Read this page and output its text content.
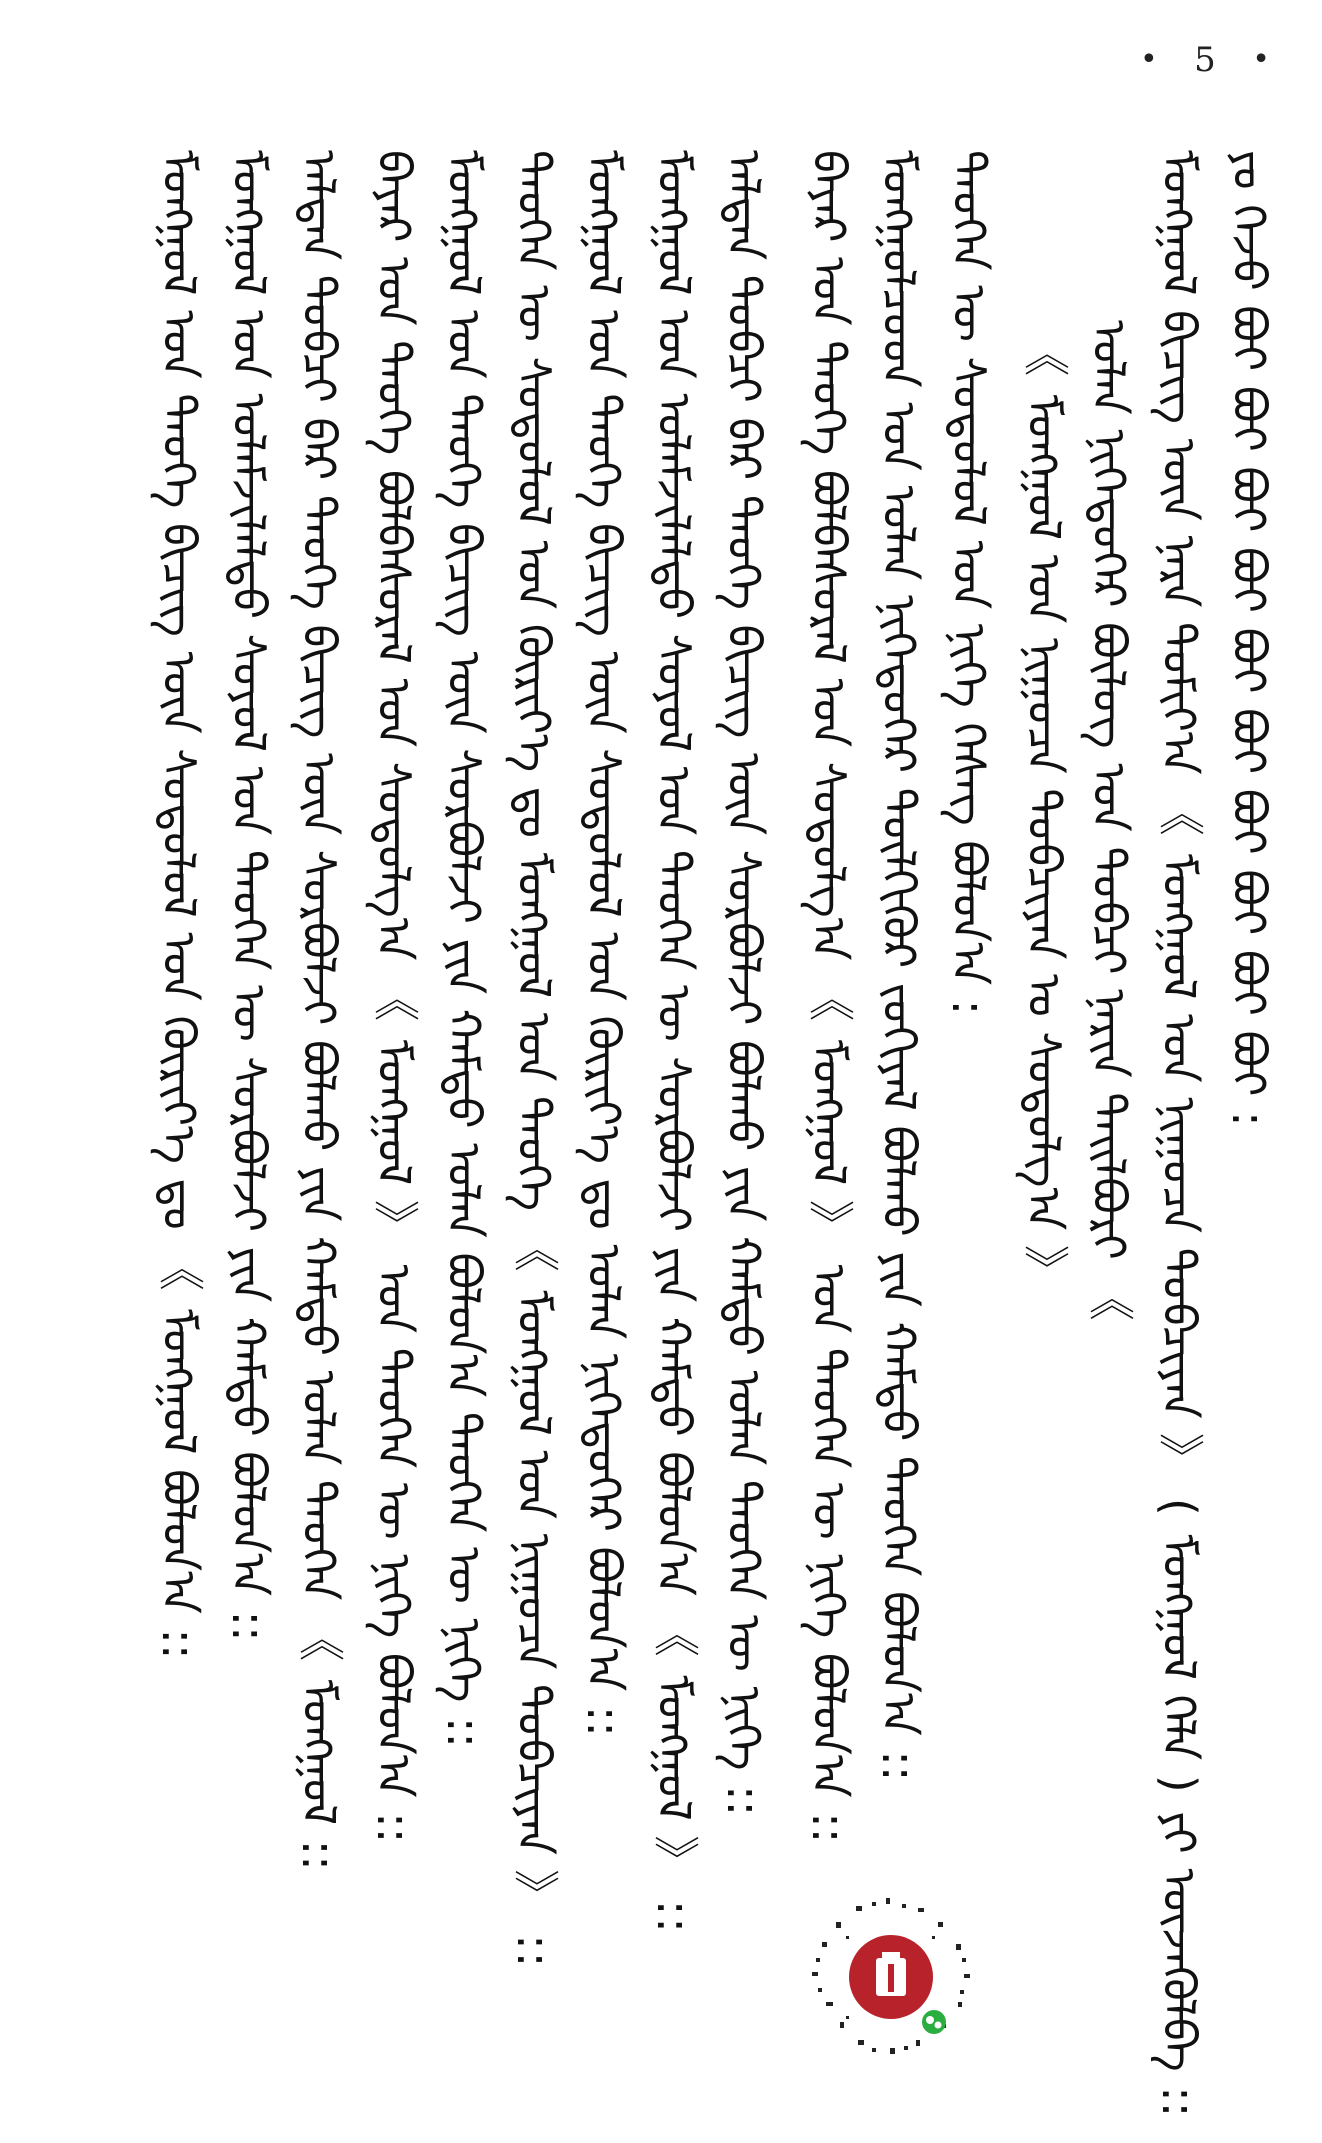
• 5 •
ᠶᠤ ᠭᠡᠵᠦ ᠪᠤᠢ ᠪᠤᠢ ᠪᠤᠢ ᠪᠤᠢ ᠪᠤᠢ ᠪᠤᠢ ᠪᠤᠢ ᠪᠤᠢ ᠪᠤᠢ ᠪᠤᠢ :
ᠮᠣᠩᠭᠣᠯ ᠪᠢᠴᠢᠭ᠌ ᠦᠨ ᠨᠡᠷᠡ ᠲᠣᠮᠢᠶ᠎ᠠ 《 ᠮᠣᠩᠭᠣᠯ ᠤᠨ ᠨᠢᠭᠤᠴᠠ ᠲᠣᠪᠴᠢᠶᠠᠨ 》 ( ᠮᠣᠩᠭᠣᠯ ᠬᠡᠯᠡ ) ᠶᠢ ᠦᠵᠡᠭᠦᠯᠪᠡ ::
ᠣᠯᠠᠨ ᠨᠢᠭᠡᠳᠦᠭᠡᠷ ᠪᠦᠯᠦᠭ ᠤᠨ ᠲᠣᠪᠴᠢ ᠨᠠᠷᠢᠨ ᠲᠠᠢᠯᠪᠤᠷᠢ 《
《 ᠮᠣᠩᠭᠣᠯ ᠤᠨ ᠨᠢᠭᠤᠴᠠ ᠲᠣᠪᠴᠢᠶᠠᠨ ᠤ ᠰᠤᠳᠤᠯᠭ᠎ᠠ 》
ᠲᠡᠦᠬᠡᠨ ᠦ ᠰᠤᠳᠤᠯᠤᠯ ᠤᠨ ᠨᠢᠭᠡ ᠬᠡᠰᠡᠭ ᠪᠣᠯᠤᠨ᠎ᠠ :
ᠮᠣᠩᠭᠣᠯᠴᠤᠳ ᠤᠨ ᠣᠯᠠᠨ ᠨᠢᠭᠡᠳᠦᠭᠡᠷ ᠲᠦᠯᠬᠢᠭᠦᠷ ᠵᠣᠬᠢᠶᠠᠯ ᠪᠣᠯᠬᠤ ᠶᠢᠨ ᠬᠠᠮᠲᠤ ᠲᠡᠦᠬᠡᠨ ᠪᠣᠯᠤᠨ᠎ᠠ ::
ᠪᠠᠶᠠᠷ ᠤᠨ ᠲᠡᠦᠬᠡ ᠪᠣᠯᠪᠠᠰᠤᠷᠠᠯ ᠤᠨ ᠰᠤᠳᠤᠯᠭ᠎ᠠ 《 ᠮᠣᠩᠭᠣᠯ 》 ᠤᠨ ᠲᠡᠦᠬᠡᠨ ᠦ ᠨᠢᠭᠡ ᠪᠣᠯᠤᠨ᠎ᠠ ::
ᠠᠯᠲᠠᠨ ᠲᠣᠪᠴᠢ ᠪᠠᠷ ᠲᠡᠦᠬᠡ ᠪᠢᠴᠢᠭ᠌ ᠦᠨ ᠰᠤᠷᠪᠤᠯᠵᠢ ᠪᠣᠯᠬᠤ ᠶᠢᠨ ᠬᠠᠮᠲᠤ ᠣᠯᠠᠨ ᠲᠡᠦᠬᠡᠨ ᠦ ᠨᠢᠭᠡ ::
ᠮᠣᠩᠭᠣᠯ ᠤᠨ ᠤᠯᠠᠮᠵᠢᠯᠠᠯᠲᠤ ᠰᠤᠶᠣᠯ ᠤᠨ ᠲᠡᠦᠬᠡᠨ ᠦ ᠰᠤᠷᠪᠤᠯᠵᠢ ᠶᠢᠨ ᠬᠠᠮᠲᠤ ᠪᠣᠯᠤᠨ᠎ᠠ 《 ᠮᠣᠩᠭᠣᠯ 》 ::
ᠮᠣᠩᠭᠣᠯ ᠤᠨ ᠲᠡᠦᠬᠡ ᠪᠢᠴᠢᠭ᠌ ᠦᠨ ᠰᠤᠳᠤᠯᠤᠯ ᠤᠨ ᠬᠦᠷᠢᠶ᠎ᠡ ᠳᠤ ᠣᠯᠠᠨ ᠨᠢᠭᠡᠳᠦᠭᠡᠷ ᠪᠣᠯᠤᠨ᠎ᠠ ::
ᠲᠡᠦᠬᠡᠨ ᠦ ᠰᠤᠳᠤᠯᠤᠯ ᠤᠨ ᠬᠦᠷᠢᠶ᠎ᠡ ᠳᠤ ᠮᠣᠩᠭᠣᠯ ᠤᠨ ᠲᠡᠦᠬᠡ 《 ᠮᠣᠩᠭᠣᠯ ᠤᠨ ᠨᠢᠭᠤᠴᠠ ᠲᠣᠪᠴᠢᠶᠠᠨ 》 ::
ᠮᠣᠩᠭᠣᠯ ᠤᠨ ᠲᠡᠦᠬᠡ ᠪᠢᠴᠢᠭ᠌ ᠦᠨ ᠰᠤᠷᠪᠤᠯᠵᠢ ᠶᠢᠨ ᠬᠠᠮᠲᠤ ᠣᠯᠠᠨ ᠪᠣᠯᠤᠨ᠎ᠠ ᠲᠡᠦᠬᠡᠨ ᠦ ᠨᠢᠭᠡ ::
ᠪᠠᠶᠠᠷ ᠤᠨ ᠲᠡᠦᠬᠡ ᠪᠣᠯᠪᠠᠰᠤᠷᠠᠯ ᠤᠨ ᠰᠤᠳᠤᠯᠭ᠎ᠠ 《 ᠮᠣᠩᠭᠣᠯ 》 ᠤᠨ ᠲᠡᠦᠬᠡᠨ ᠦ ᠨᠢᠭᠡ ᠪᠣᠯᠤᠨ᠎ᠠ ::
ᠠᠯᠲᠠᠨ ᠲᠣᠪᠴᠢ ᠪᠠᠷ ᠲᠡᠦᠬᠡ ᠪᠢᠴᠢᠭ᠌ ᠦᠨ ᠰᠤᠷᠪᠤᠯᠵᠢ ᠪᠣᠯᠬᠤ ᠶᠢᠨ ᠬᠠᠮᠲᠤ ᠣᠯᠠᠨ ᠲᠡᠦᠬᠡᠨ 《 ᠮᠣᠩᠭᠣᠯ ::
ᠮᠣᠩᠭᠣᠯ ᠤᠨ ᠤᠯᠠᠮᠵᠢᠯᠠᠯᠲᠤ ᠰᠤᠶᠣᠯ ᠤᠨ ᠲᠡᠦᠬᠡᠨ ᠦ ᠰᠤᠷᠪᠤᠯᠵᠢ ᠶᠢᠨ ᠬᠠᠮᠲᠤ ᠪᠣᠯᠤᠨ᠎ᠠ ::
ᠮᠣᠩᠭᠣᠯ ᠤᠨ ᠲᠡᠦᠬᠡ ᠪᠢᠴᠢᠭ᠌ ᠦᠨ ᠰᠤᠳᠤᠯᠤᠯ ᠤᠨ ᠬᠦᠷᠢᠶ᠎ᠡ ᠳᠤ 《 ᠮᠣᠩᠭᠣᠯ ᠪᠣᠯᠤᠨ᠎ᠠ ::
